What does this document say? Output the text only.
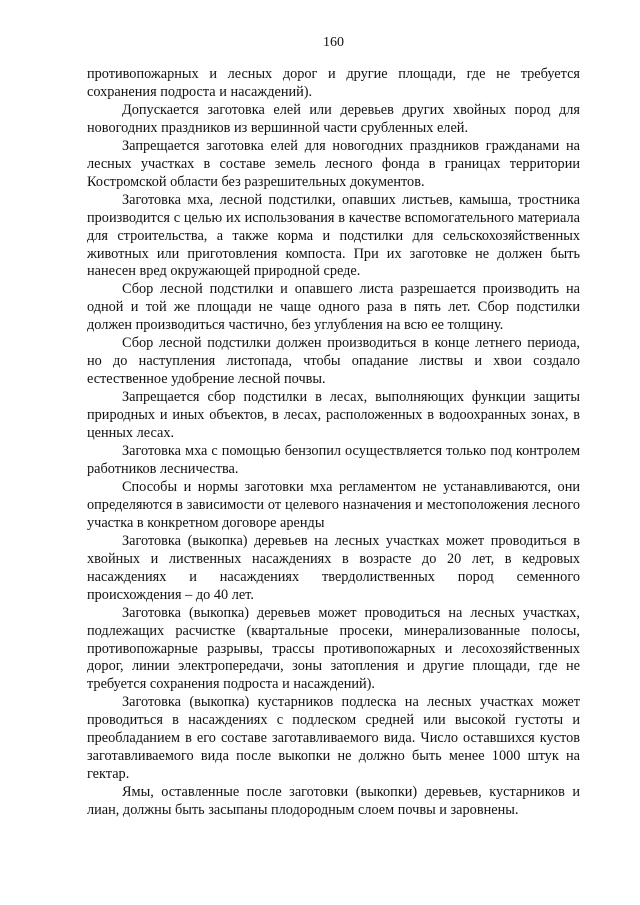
160

противопожарных и лесных дорог и другие площади, где не требуется сохранения подроста и насаждений).

Допускается заготовка елей или деревьев других хвойных пород для новогодних праздников из вершинной части срубленных елей.

Запрещается заготовка елей для новогодних праздников гражданами на лесных участках в составе земель лесного фонда в границах территории Костромской области без разрешительных документов.

Заготовка мха, лесной подстилки, опавших листьев, камыша, тростника производится с целью их использования в качестве вспомогательного материала для строительства, а также корма и подстилки для сельскохозяйственных животных или приготовления компоста. При их заготовке не должен быть нанесен вред окружающей природной среде.

Сбор лесной подстилки и опавшего листа разрешается производить на одной и той же площади не чаще одного раза в пять лет. Сбор подстилки должен производиться частично, без углубления на всю ее толщину.

Сбор лесной подстилки должен производиться в конце летнего периода, но до наступления листопада, чтобы опадание листвы и хвои создало естественное удобрение лесной почвы.

Запрещается сбор подстилки в лесах, выполняющих функции защиты природных и иных объектов, в лесах, расположенных в водоохранных зонах, в ценных лесах.

Заготовка мха с помощью бензопил осуществляется только под контролем работников лесничества.

Способы и нормы заготовки мха регламентом не устанавливаются, они определяются в зависимости от целевого назначения и местоположения лесного участка в конкретном договоре аренды

Заготовка (выкопка) деревьев на лесных участках может проводиться в хвойных и лиственных насаждениях в возрасте до 20 лет, в кедровых насаждениях и насаждениях твердолиственных пород семенного происхождения – до 40 лет.

Заготовка (выкопка) деревьев может проводиться на лесных участках, подлежащих расчистке (квартальные просеки, минерализованные полосы, противопожарные разрывы, трассы противопожарных и лесохозяйственных дорог, линии электропередачи, зоны затопления и другие площади, где не требуется сохранения подроста и насаждений).

Заготовка (выкопка) кустарников подлеска на лесных участках может проводиться в насаждениях с подлеском средней или высокой густоты и преобладанием в его составе заготавливаемого вида. Число оставшихся кустов заготавливаемого вида после выкопки не должно быть менее 1000 штук на гектар.

Ямы, оставленные после заготовки (выкопки) деревьев, кустарников и лиан, должны быть засыпаны плодородным слоем почвы и заровнены.
